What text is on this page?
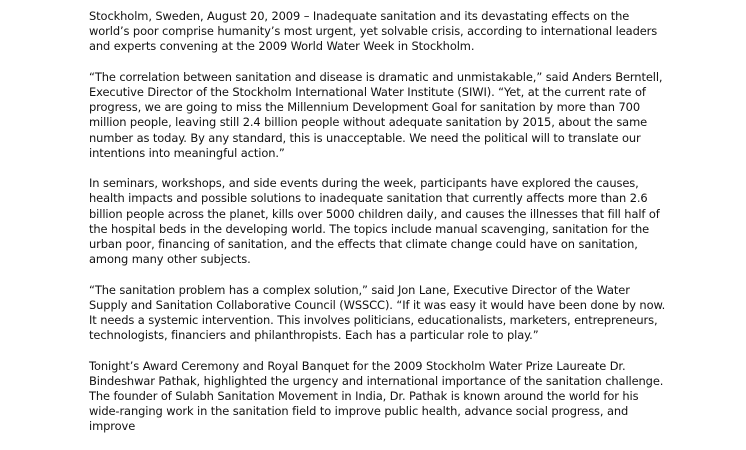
Stockholm, Sweden, August 20, 2009 – Inadequate sanitation and its devastating effects on the world’s poor comprise humanity’s most urgent, yet solvable crisis, according to international leaders and experts convening at the 2009 World Water Week in Stockholm.

“The correlation between sanitation and disease is dramatic and unmistakable,” said Anders Berntell, Executive Director of the Stockholm International Water Institute (SIWI). “Yet, at the current rate of progress, we are going to miss the Millennium Development Goal for sanitation by more than 700 million people, leaving still 2.4 billion people without adequate sanitation by 2015, about the same number as today. By any standard, this is unacceptable. We need the political will to translate our intentions into meaningful action.”

In seminars, workshops, and side events during the week, participants have explored the causes, health impacts and possible solutions to inadequate sanitation that currently affects more than 2.6 billion people across the planet, kills over 5000 children daily, and causes the illnesses that fill half of the hospital beds in the developing world. The topics include manual scavenging, sanitation for the urban poor, financing of sanitation, and the effects that climate change could have on sanitation, among many other subjects.

“The sanitation problem has a complex solution,” said Jon Lane, Executive Director of the Water Supply and Sanitation Collaborative Council (WSSCC). “If it was easy it would have been done by now. It needs a systemic intervention. This involves politicians, educationalists, marketers, entrepreneurs, technologists, financiers and philanthropists. Each has a particular role to play.”

Tonight’s Award Ceremony and Royal Banquet for the 2009 Stockholm Water Prize Laureate Dr. Bindeshwar Pathak, highlighted the urgency and international importance of the sanitation challenge. The founder of Sulabh Sanitation Movement in India, Dr. Pathak is known around the world for his wide-ranging work in the sanitation field to improve public health, advance social progress, and improve
